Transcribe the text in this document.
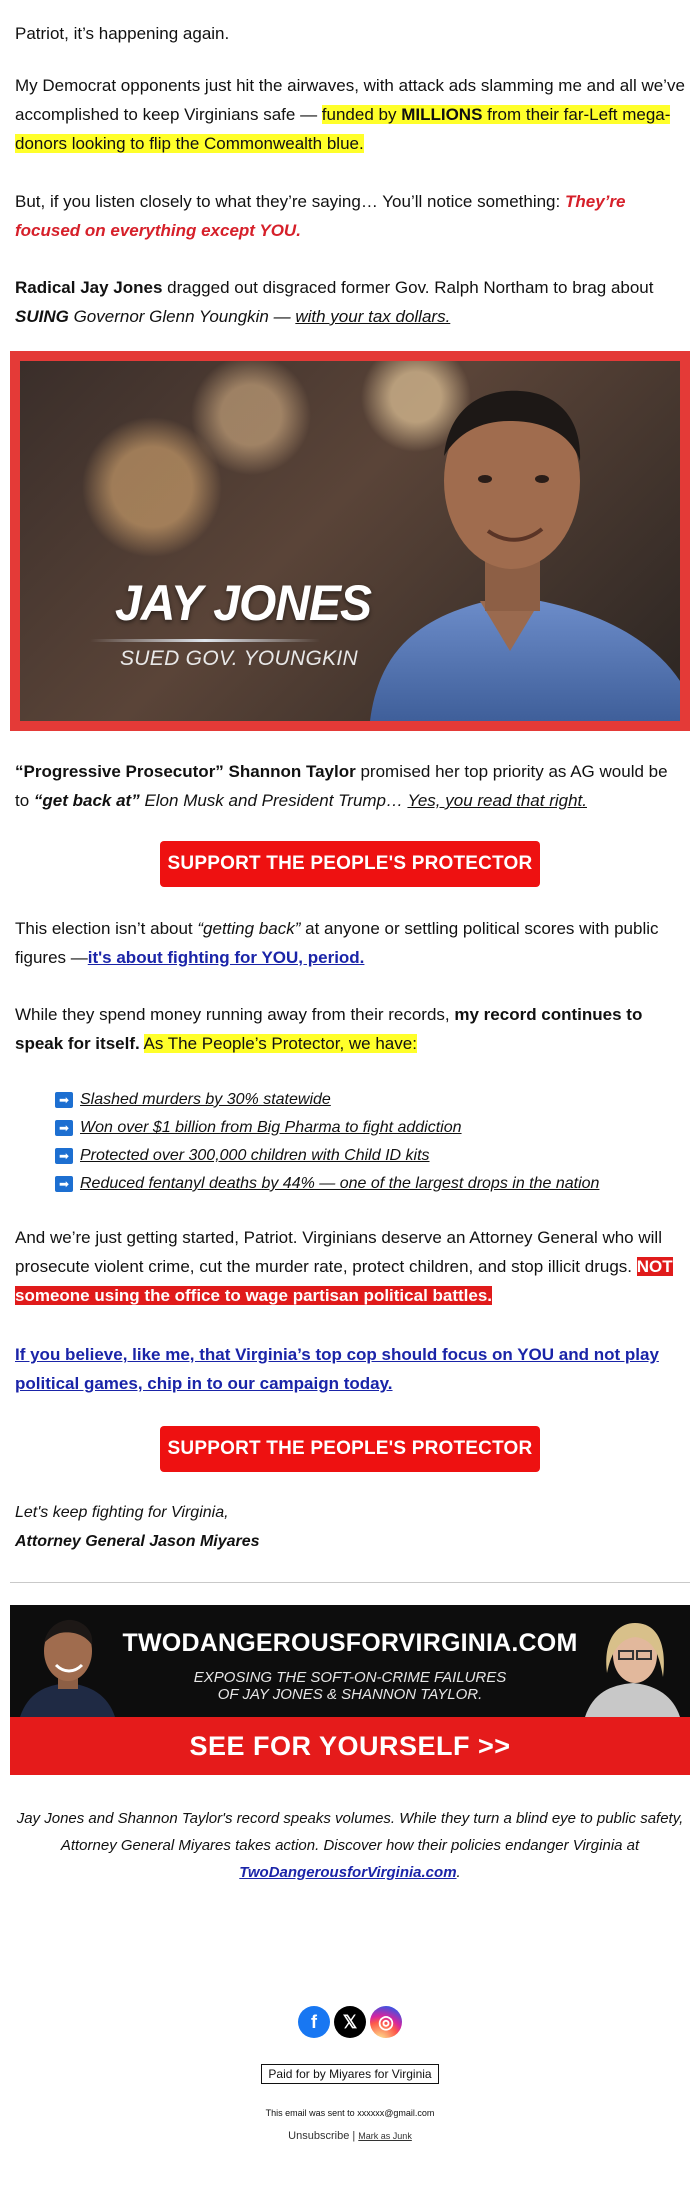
Patriot, it’s happening again.

My Democrat opponents just hit the airwaves, with attack ads slamming me and all we’ve accomplished to keep Virginians safe — funded by MILLIONS from their far-Left mega-donors looking to flip the Commonwealth blue.

But, if you listen closely to what they’re saying… You’ll notice something: They’re focused on everything except YOU.

Radical Jay Jones dragged out disgraced former Gov. Ralph Northam to brag about SUING Governor Glenn Youngkin — with your tax dollars.

JAY JONES
SUED GOV. YOUNGKIN

“Progressive Prosecutor” Shannon Taylor promised her top priority as AG would be to “get back at” Elon Musk and President Trump… Yes, you read that right.

SUPPORT THE PEOPLE'S PROTECTOR

This election isn’t about “getting back” at anyone or settling political scores with public figures —it's about fighting for YOU, period.

While they spend money running away from their records, my record continues to speak for itself. As The People’s Protector, we have:

➡ Slashed murders by 30% statewide
➡ Won over $1 billion from Big Pharma to fight addiction
➡ Protected over 300,000 children with Child ID kits
➡ Reduced fentanyl deaths by 44% — one of the largest drops in the nation

And we’re just getting started, Patriot. Virginians deserve an Attorney General who will prosecute violent crime, cut the murder rate, protect children, and stop illicit drugs. NOT someone using the office to wage partisan political battles.

If you believe, like me, that Virginia’s top cop should focus on YOU and not play political games, chip in to our campaign today.

SUPPORT THE PEOPLE'S PROTECTOR
Let's keep fighting for Virginia,
Attorney General Jason Miyares
TWODANGEROUSFORVIRGINIA.COM
EXPOSING THE SOFT-ON-CRIME FAILURES
OF JAY JONES & SHANNON TAYLOR.
SEE FOR YOURSELF >>

Jay Jones and Shannon Taylor's record speaks volumes. While they turn a blind eye to public safety, Attorney General Miyares takes action. Discover how their policies endanger Virginia at TwoDangerousforVirginia.com.

f	𝕏	◎
Paid for by Miyares for Virginia

This email was sent to xxxxxx@gmail.com

Unsubscribe | Mark as Junk
